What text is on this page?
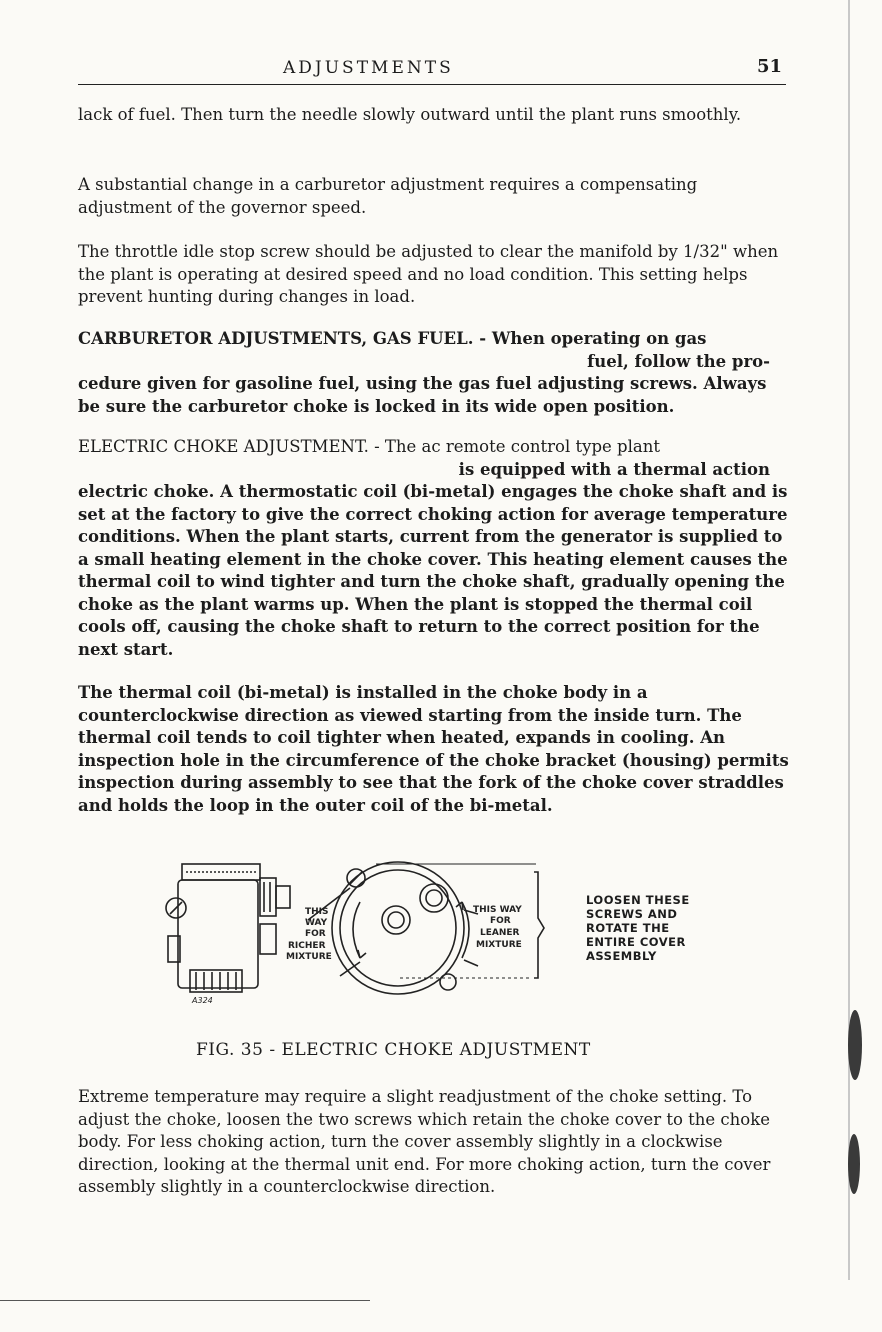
ADJUSTMENTS	51

lack of fuel. Then turn the needle slowly outward until the plant runs smoothly.

A substantial change in a carburetor adjustment requires a compensating adjustment of the governor speed.

The throttle idle stop screw should be adjusted to clear the manifold by 1/32" when the plant is operating at desired speed and no load condition. This setting helps prevent hunting during changes in load.

CARBURETOR ADJUSTMENTS, GAS FUEL. - When operating on gas
fuel, follow the pro-
cedure given for gasoline fuel, using the gas fuel adjusting screws. Always be sure the carburetor choke is locked in its wide open position.
ELECTRIC CHOKE ADJUSTMENT. - The ac remote control type plant
is equipped with a thermal action
electric choke. A thermostatic coil (bi-metal) engages the choke shaft and is set at the factory to give the correct choking action for average temperature conditions. When the plant starts, current from the generator is supplied to a small heating element in the choke cover. This heating element causes the thermal coil to wind tighter and turn the choke shaft, gradually opening the choke as the plant warms up. When the plant is stopped the thermal coil cools off, causing the choke shaft to return to the correct position for the next start.

The thermal coil (bi-metal) is installed in the choke body in a counterclockwise direction as viewed starting from the inside turn. The thermal coil tends to coil tighter when heated, expands in cooling. An inspection hole in the circumference of the choke bracket (housing) permits inspection during assembly to see that the fork of the choke cover straddles and holds the loop in the outer coil of the bi-metal.

THIS
WAY
FOR
RICHER
MIXTURE
THIS WAY
FOR
LEANER
MIXTURE
LOOSEN THESE
SCREWS AND
ROTATE THE
ENTIRE COVER
ASSEMBLY
A324
FIG. 35 - ELECTRIC CHOKE ADJUSTMENT

Extreme temperature may require a slight readjustment of the choke setting. To adjust the choke, loosen the two screws which retain the choke cover to the choke body. For less choking action, turn the cover assembly slightly in a clockwise direction, looking at the thermal unit end. For more choking action, turn the cover assembly slightly in a counterclockwise direction.
